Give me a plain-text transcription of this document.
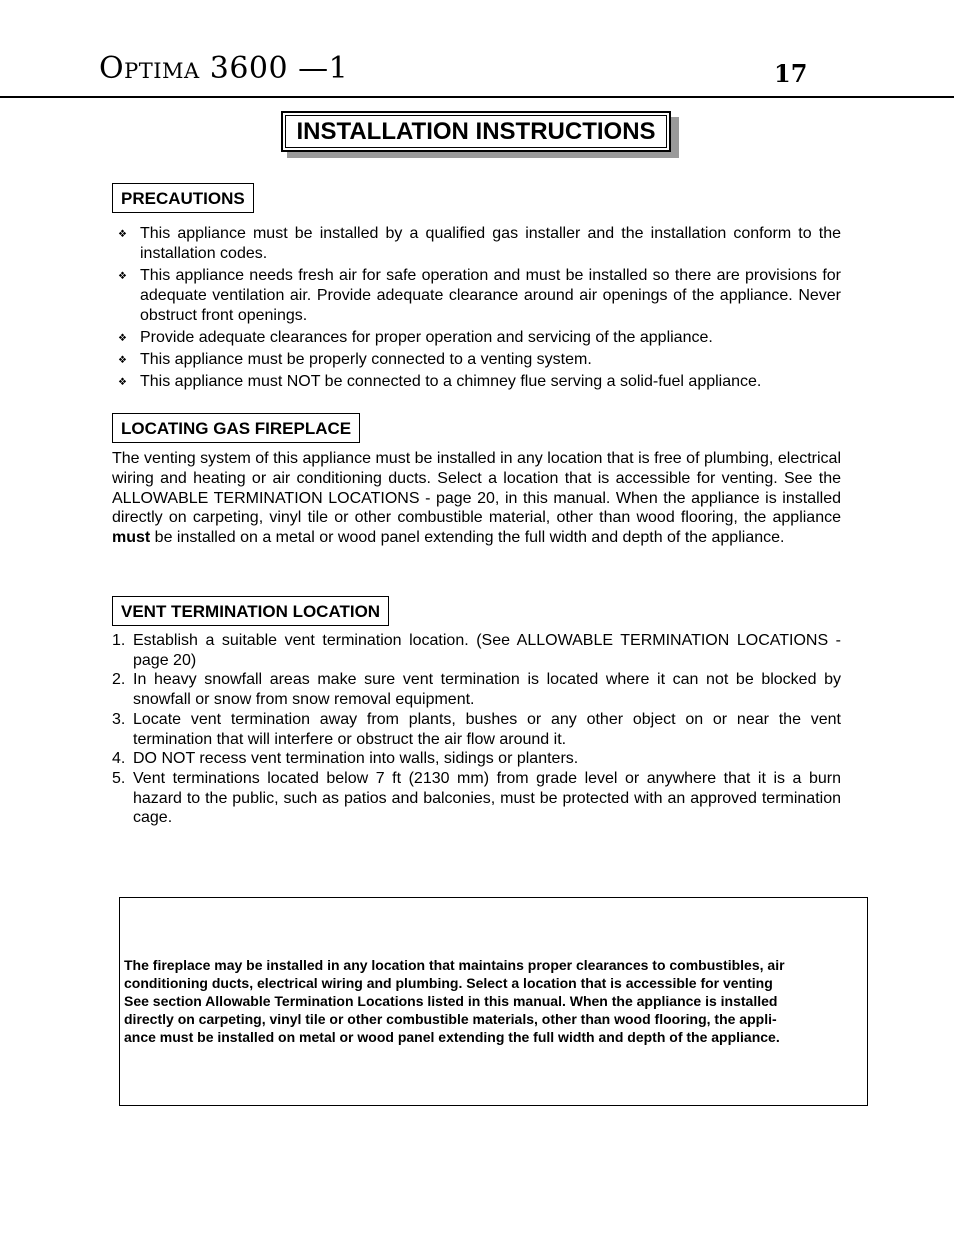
Optima 3600 —1	17
INSTALLATION INSTRUCTIONS
PRECAUTIONS
❖ This appliance must be installed by a qualified gas installer and the installation conform to the installation codes.
❖ This appliance needs fresh air for safe operation and must be installed so there are provisions for adequate ventilation air. Provide adequate clearance around air openings of the appliance. Never obstruct front openings.
❖ Provide adequate clearances for proper operation and servicing of the appliance.
❖ This appliance must be properly connected to a venting system.
❖ This appliance must NOT be connected to a chimney flue serving a solid-fuel appliance.
LOCATING GAS FIREPLACE

The venting system of this appliance must be installed in any location that is free of plumbing, electrical wiring and heating or air conditioning ducts. Select a location that is accessible for venting. See the ALLOWABLE TERMINATION LOCATIONS - page 20, in this manual. When the appliance is installed directly on carpeting, vinyl tile or other combustible material, other than wood flooring, the appliance must be installed on a metal or wood panel extending the full width and depth of the appliance.

VENT TERMINATION LOCATION
1. Establish a suitable vent termination location. (See ALLOWABLE TERMINATION LOCATIONS - page 20)
2. In heavy snowfall areas make sure vent termination is located where it can not be blocked by snowfall or snow from snow removal equipment.
3. Locate vent termination away from plants, bushes or any other object on or near the vent termination that will interfere or obstruct the air flow around it.
4. DO NOT recess vent termination into walls, sidings or planters.
5. Vent terminations located below 7 ft (2130 mm) from grade level or anywhere that it is a burn hazard to the public, such as patios and balconies, must be protected with an approved termination cage.

The fireplace may be installed in any location that maintains proper clearances to combustibles, air
conditioning ducts, electrical wiring and plumbing. Select a location that is accessible for venting
See section Allowable Termination Locations listed in this manual. When the appliance is installed
directly on carpeting, vinyl tile or other combustible materials, other than wood flooring, the appli-
ance must be installed on metal or wood panel extending the full width and depth of the appliance.
